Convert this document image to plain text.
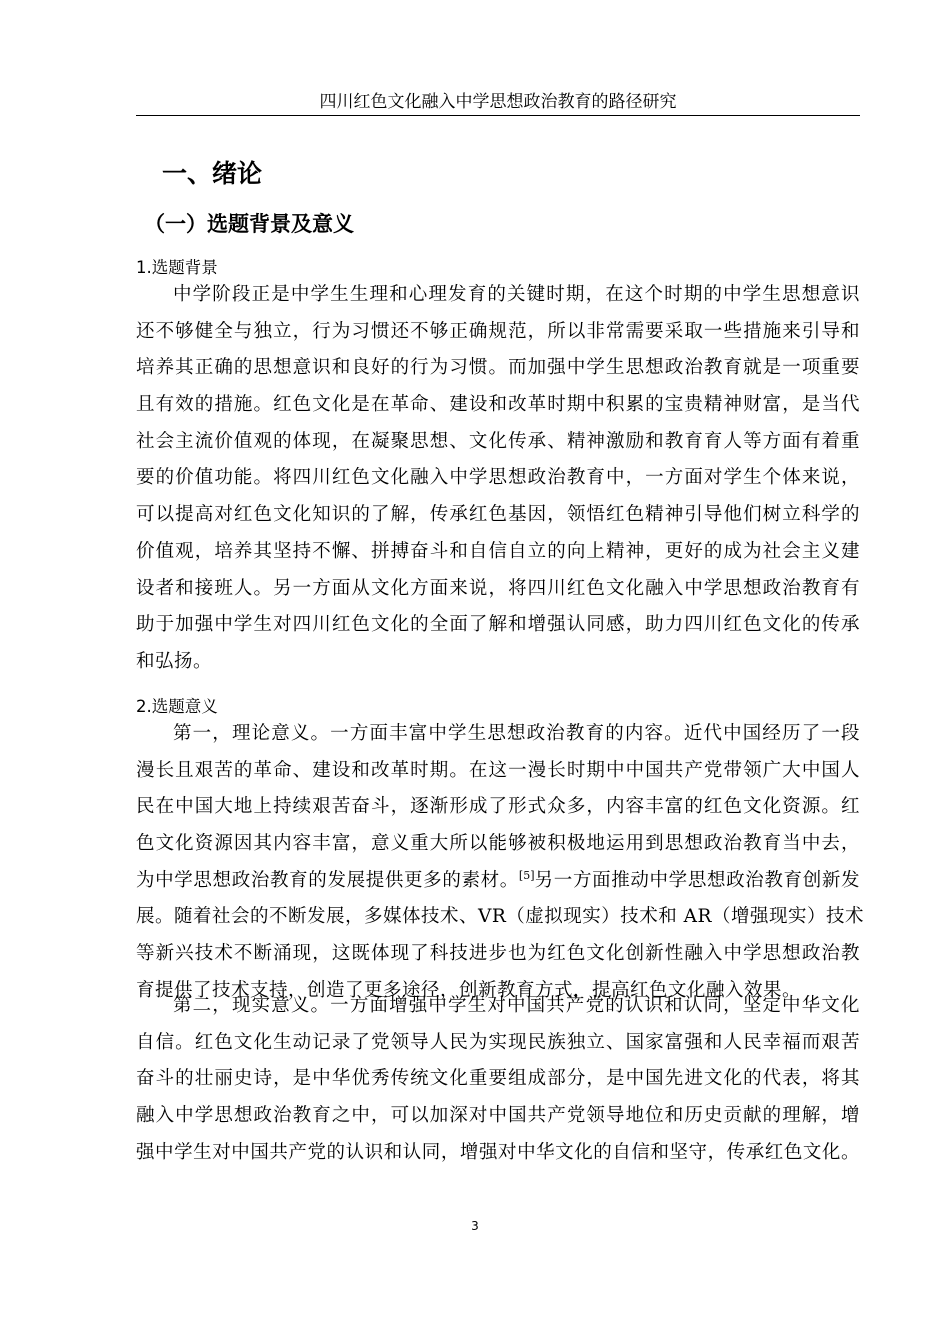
四川红色文化融入中学思想政治教育的路径研究
一、绪论
（一）选题背景及意义
1.选题背景

中学阶段正是中学生生理和心理发育的关键时期，在这个时期的中学生思想意识
还不够健全与独立，行为习惯还不够正确规范，所以非常需要采取一些措施来引导和
培养其正确的思想意识和良好的行为习惯。而加强中学生思想政治教育就是一项重要
且有效的措施。红色文化是在革命、建设和改革时期中积累的宝贵精神财富，是当代
社会主流价值观的体现，在凝聚思想、文化传承、精神激励和教育育人等方面有着重
要的价值功能。将四川红色文化融入中学思想政治教育中，一方面对学生个体来说，
可以提高对红色文化知识的了解，传承红色基因，领悟红色精神引导他们树立科学的
价值观，培养其坚持不懈、拼搏奋斗和自信自立的向上精神，更好的成为社会主义建
设者和接班人。另一方面从文化方面来说，将四川红色文化融入中学思想政治教育有
助于加强中学生对四川红色文化的全面了解和增强认同感，助力四川红色文化的传承
和弘扬。

2.选题意义

第一，理论意义。一方面丰富中学生思想政治教育的内容。近代中国经历了一段
漫长且艰苦的革命、建设和改革时期。在这一漫长时期中中国共产党带领广大中国人
民在中国大地上持续艰苦奋斗，逐渐形成了形式众多，内容丰富的红色文化资源。红
色文化资源因其内容丰富，意义重大所以能够被积极地运用到思想政治教育当中去，
为中学思想政治教育的发展提供更多的素材。[5]另一方面推动中学思想政治教育创新发
展。随着社会的不断发展，多媒体技术、VR（虚拟现实）技术和 AR（增强现实）技术
等新兴技术不断涌现，这既体现了科技进步也为红色文化创新性融入中学思想政治教
育提供了技术支持，创造了更多途径，创新教育方式，提高红色文化融入效果。

第二，现实意义。一方面增强中学生对中国共产党的认识和认同，坚定中华文化
自信。红色文化生动记录了党领导人民为实现民族独立、国家富强和人民幸福而艰苦
奋斗的壮丽史诗，是中华优秀传统文化重要组成部分，是中国先进文化的代表，将其
融入中学思想政治教育之中，可以加深对中国共产党领导地位和历史贡献的理解，增
强中学生对中国共产党的认识和认同，增强对中华文化的自信和坚守，传承红色文化。

3
